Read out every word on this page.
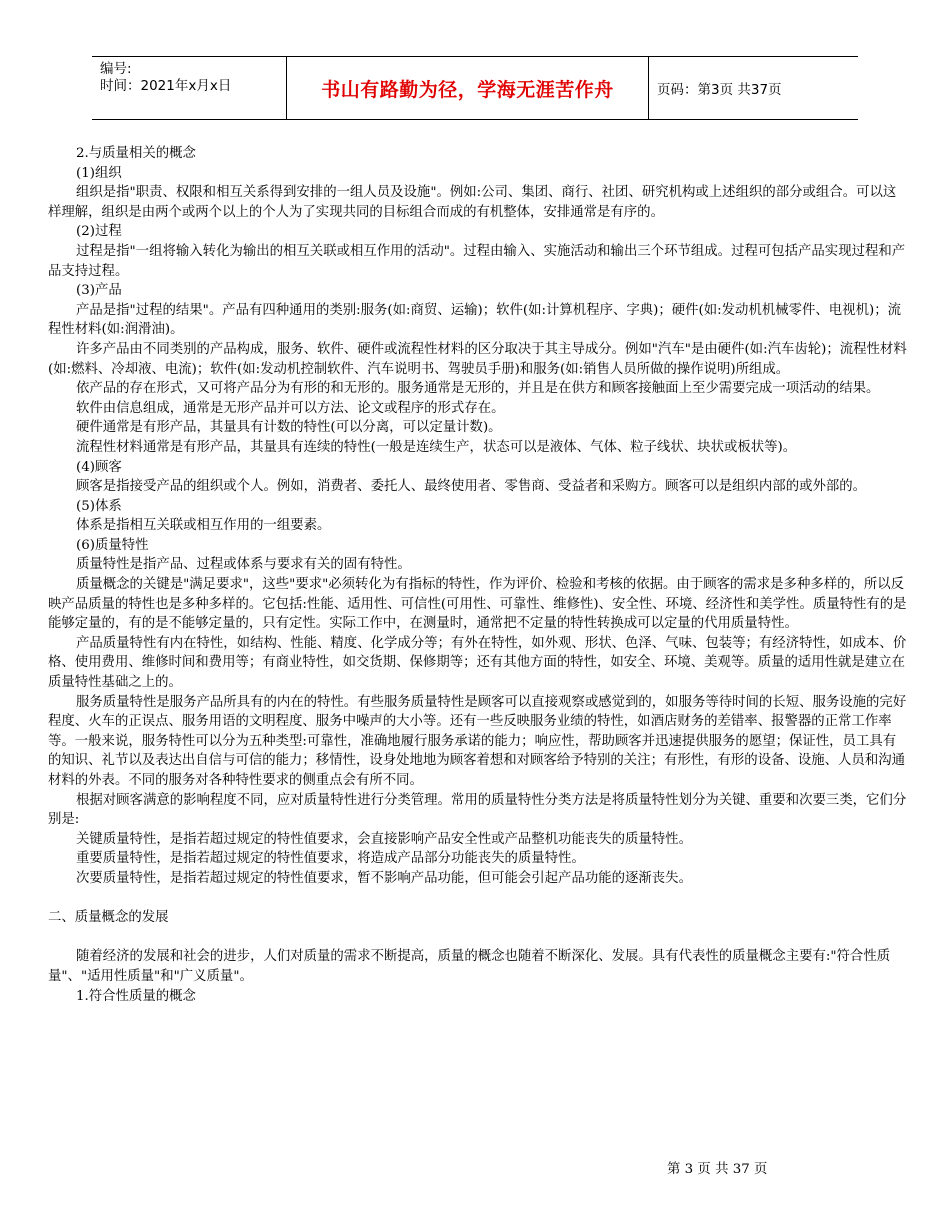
编号:
时间：2021年x月x日	书山有路勤为径，学海无涯苦作舟	页码：第3页 共37页

2.与质量相关的概念

(1)组织

组织是指"职责、权限和相互关系得到安排的一组人员及设施"。例如:公司、集团、商行、社团、研究机构或上述组织的部分或组合。可以这样理解，组织是由两个或两个以上的个人为了实现共同的目标组合而成的有机整体，安排通常是有序的。

(2)过程

过程是指"一组将输入转化为输出的相互关联或相互作用的活动"。过程由输入、实施活动和输出三个环节组成。过程可包括产品实现过程和产品支持过程。

(3)产品

产品是指"过程的结果"。产品有四种通用的类别:服务(如:商贸、运输)；软件(如:计算机程序、字典)；硬件(如:发动机机械零件、电视机)；流程性材料(如:润滑油)。

许多产品由不同类别的产品构成，服务、软件、硬件或流程性材料的区分取决于其主导成分。例如"汽车"是由硬件(如:汽车齿轮)；流程性材料(如:燃料、冷却液、电流)；软件(如:发动机控制软件、汽车说明书、驾驶员手册)和服务(如:销售人员所做的操作说明)所组成。

依产品的存在形式，又可将产品分为有形的和无形的。服务通常是无形的，并且是在供方和顾客接触面上至少需要完成一项活动的结果。

软件由信息组成，通常是无形产品并可以方法、论文或程序的形式存在。

硬件通常是有形产品，其量具有计数的特性(可以分离，可以定量计数)。

流程性材料通常是有形产品，其量具有连续的特性(一般是连续生产，状态可以是液体、气体、粒子线状、块状或板状等)。

(4)顾客

顾客是指接受产品的组织或个人。例如，消费者、委托人、最终使用者、零售商、受益者和采购方。顾客可以是组织内部的或外部的。

(5)体系

体系是指相互关联或相互作用的一组要素。

(6)质量特性

质量特性是指产品、过程或体系与要求有关的固有特性。

质量概念的关键是"满足要求"，这些"要求"必须转化为有指标的特性，作为评价、检验和考核的依据。由于顾客的需求是多种多样的，所以反映产品质量的特性也是多种多样的。它包括:性能、适用性、可信性(可用性、可靠性、维修性)、安全性、环境、经济性和美学性。质量特性有的是能够定量的，有的是不能够定量的，只有定性。实际工作中，在测量时，通常把不定量的特性转换成可以定量的代用质量特性。

产品质量特性有内在特性，如结构、性能、精度、化学成分等；有外在特性，如外观、形状、色泽、气味、包装等；有经济特性，如成本、价格、使用费用、维修时间和费用等；有商业特性，如交货期、保修期等；还有其他方面的特性，如安全、环境、美观等。质量的适用性就是建立在质量特性基础之上的。

服务质量特性是服务产品所具有的内在的特性。有些服务质量特性是顾客可以直接观察或感觉到的，如服务等待时间的长短、服务设施的完好程度、火车的正误点、服务用语的文明程度、服务中噪声的大小等。还有一些反映服务业绩的特性，如酒店财务的差错率、报警器的正常工作率等。一般来说，服务特性可以分为五种类型:可靠性，准确地履行服务承诺的能力；响应性，帮助顾客并迅速提供服务的愿望；保证性，员工具有的知识、礼节以及表达出自信与可信的能力；移情性，设身处地地为顾客着想和对顾客给予特别的关注；有形性，有形的设备、设施、人员和沟通材料的外表。不同的服务对各种特性要求的侧重点会有所不同。

根据对顾客满意的影响程度不同，应对质量特性进行分类管理。常用的质量特性分类方法是将质量特性划分为关键、重要和次要三类，它们分别是:

关键质量特性，是指若超过规定的特性值要求，会直接影响产品安全性或产品整机功能丧失的质量特性。

重要质量特性，是指若超过规定的特性值要求，将造成产品部分功能丧失的质量特性。

次要质量特性，是指若超过规定的特性值要求，暂不影响产品功能，但可能会引起产品功能的逐渐丧失。

二、质量概念的发展

随着经济的发展和社会的进步，人们对质量的需求不断提高，质量的概念也随着不断深化、发展。具有代表性的质量概念主要有:"符合性质量"、"适用性质量"和"广义质量"。

1.符合性质量的概念

第 3 页 共 37 页
